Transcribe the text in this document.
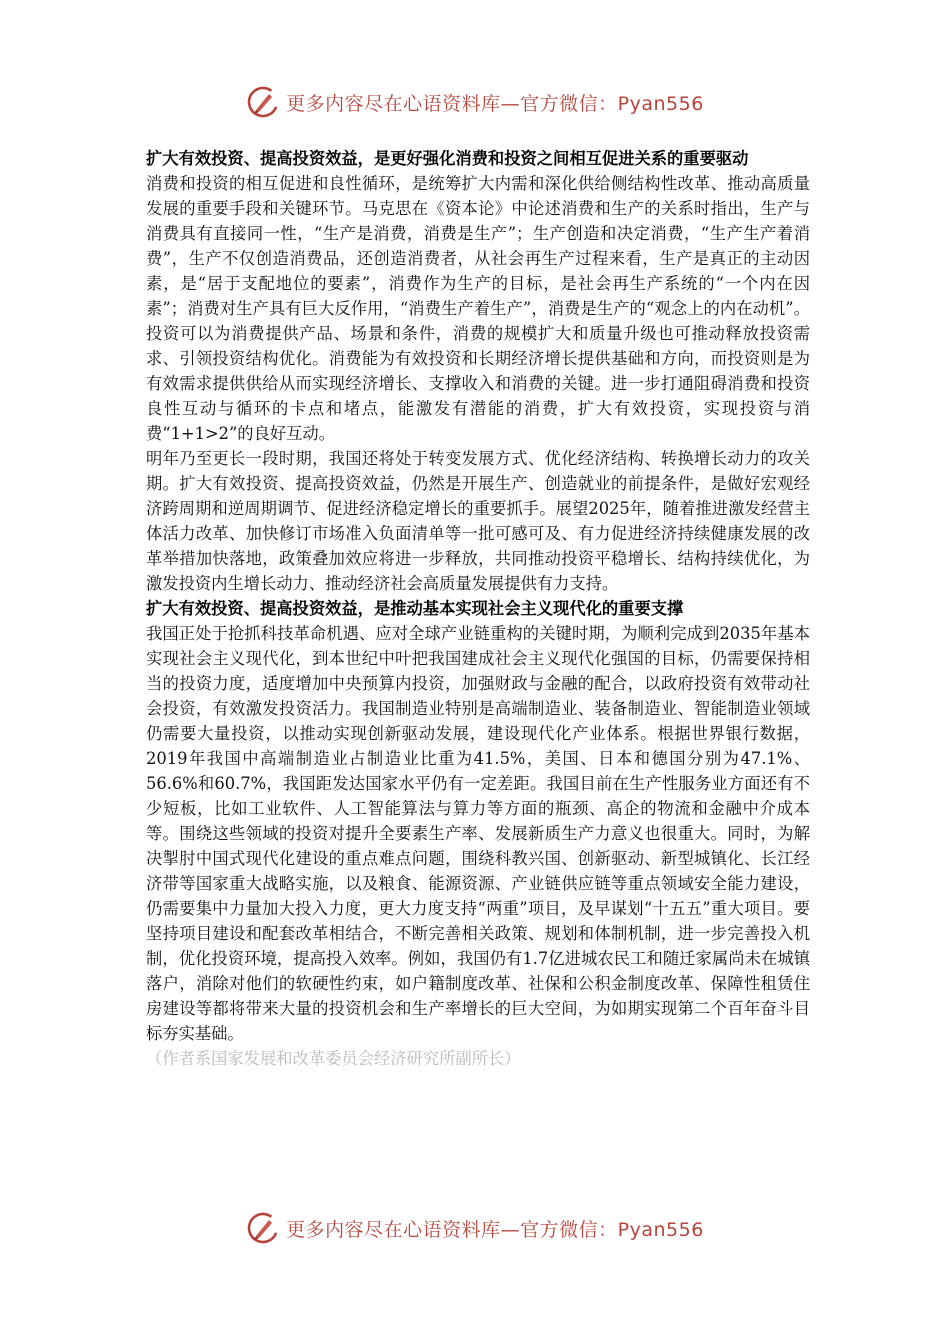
更多内容尽在心语资料库—官方微信：Pyan556

扩大有效投资、提高投资效益，是更好强化消费和投资之间相互促进关系的重要驱动

消费和投资的相互促进和良性循环，是统筹扩大内需和深化供给侧结构性改革、推动高质量发展的重要手段和关键环节。马克思在《资本论》中论述消费和生产的关系时指出，生产与消费具有直接同一性，“生产是消费，消费是生产”；生产创造和决定消费，“生产生产着消费”，生产不仅创造消费品，还创造消费者，从社会再生产过程来看，生产是真正的主动因素，是“居于支配地位的要素”，消费作为生产的目标，是社会再生产系统的“一个内在因素”；消费对生产具有巨大反作用，“消费生产着生产”，消费是生产的“观念上的内在动机”。投资可以为消费提供产品、场景和条件，消费的规模扩大和质量升级也可推动释放投资需求、引领投资结构优化。消费能为有效投资和长期经济增长提供基础和方向，而投资则是为有效需求提供供给从而实现经济增长、支撑收入和消费的关键。进一步打通阻碍消费和投资良性互动与循环的卡点和堵点，能激发有潜能的消费，扩大有效投资，实现投资与消费“1+1>2”的良好互动。

明年乃至更长一段时期，我国还将处于转变发展方式、优化经济结构、转换增长动力的攻关期。扩大有效投资、提高投资效益，仍然是开展生产、创造就业的前提条件，是做好宏观经济跨周期和逆周期调节、促进经济稳定增长的重要抓手。展望2025年，随着推进激发经营主体活力改革、加快修订市场准入负面清单等一批可感可及、有力促进经济持续健康发展的改革举措加快落地，政策叠加效应将进一步释放，共同推动投资平稳增长、结构持续优化，为激发投资内生增长动力、推动经济社会高质量发展提供有力支持。

扩大有效投资、提高投资效益，是推动基本实现社会主义现代化的重要支撑

我国正处于抢抓科技革命机遇、应对全球产业链重构的关键时期，为顺利完成到2035年基本实现社会主义现代化，到本世纪中叶把我国建成社会主义现代化强国的目标，仍需要保持相当的投资力度，适度增加中央预算内投资，加强财政与金融的配合，以政府投资有效带动社会投资，有效激发投资活力。我国制造业特别是高端制造业、装备制造业、智能制造业领域仍需要大量投资，以推动实现创新驱动发展，建设现代化产业体系。根据世界银行数据，2019年我国中高端制造业占制造业比重为41.5%，美国、日本和德国分别为47.1%、56.6%和60.7%，我国距发达国家水平仍有一定差距。我国目前在生产性服务业方面还有不少短板，比如工业软件、人工智能算法与算力等方面的瓶颈、高企的物流和金融中介成本等。围绕这些领域的投资对提升全要素生产率、发展新质生产力意义也很重大。同时，为解决掣肘中国式现代化建设的重点难点问题，围绕科教兴国、创新驱动、新型城镇化、长江经济带等国家重大战略实施，以及粮食、能源资源、产业链供应链等重点领域安全能力建设，仍需要集中力量加大投入力度，更大力度支持“两重”项目，及早谋划“十五五”重大项目。要坚持项目建设和配套改革相结合，不断完善相关政策、规划和体制机制，进一步完善投入机制，优化投资环境，提高投入效率。例如，我国仍有1.7亿进城农民工和随迁家属尚未在城镇落户，消除对他们的软硬性约束，如户籍制度改革、社保和公积金制度改革、保障性租赁住房建设等都将带来大量的投资机会和生产率增长的巨大空间，为如期实现第二个百年奋斗目标夯实基础。

（作者系国家发展和改革委员会经济研究所副所长）

更多内容尽在心语资料库—官方微信：Pyan556
